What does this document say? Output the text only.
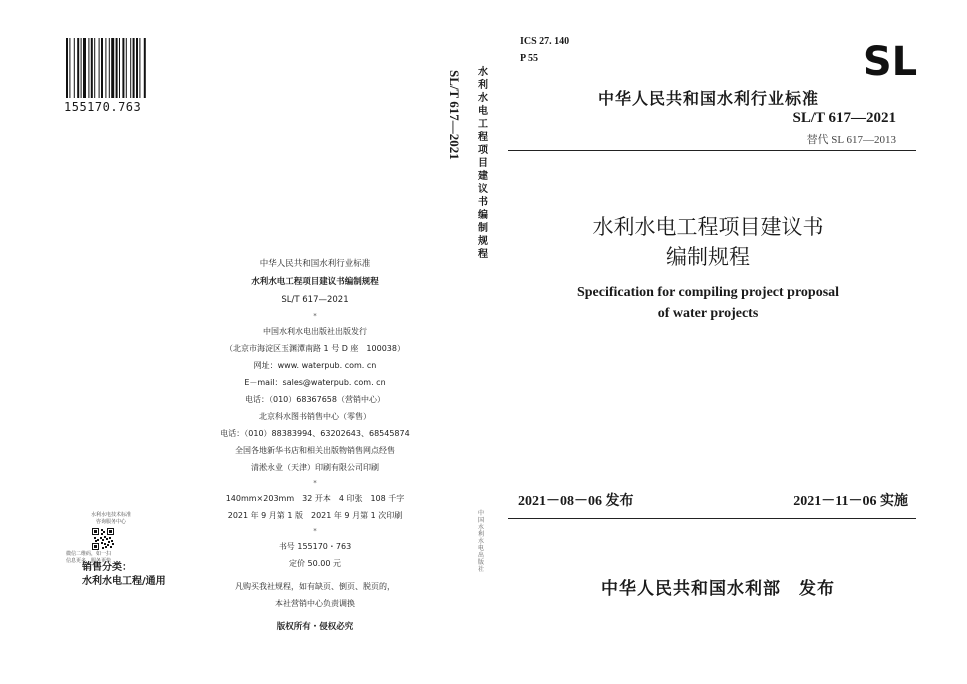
155170.763	SL/T 617—2021 水
利
水
电
工
程
项
目
建
议
书
编
制
规
程
中国水利水电出版社
中华人民共和国水利行业标准
水利水电工程项目建议书编制规程
SL/T 617—2021
*
中国水利水电出版社出版发行
（北京市海淀区玉渊潭南路 1 号 D 座　100038）
网址：www. waterpub. com. cn
E－mail：sales@waterpub. com. cn
电话：（010）68367658（营销中心）
北京科水图书销售中心（零售）
电话：（010）88383994、63202643、68545874
全国各地新华书店和相关出版物销售网点经售
清淞永业（天津）印刷有限公司印刷
*
140mm×203mm　32 开本　4 印张　108 千字
2021 年 9 月第 1 版　2021 年 9 月第 1 次印刷
*
书号 155170・763
定价 50.00 元
凡购买我社规程，如有缺页、倒页、脱页的，
本社营销中心负责调换
版权所有・侵权必究
水利水电技术标准
咨询服务中心
微信二维码，如一扫
信息更多，服务更快
销售分类：
水利水电工程/通用
ICS 27. 140
P 55	SL
中华人民共和国水利行业标准
SL/T 617—2021
替代 SL 617—2013
水利水电工程项目建议书
编制规程
Specification for compiling project proposal
of water projects
2021－08－06 发布	2021－11－06 实施
中华人民共和国水利部　发布
